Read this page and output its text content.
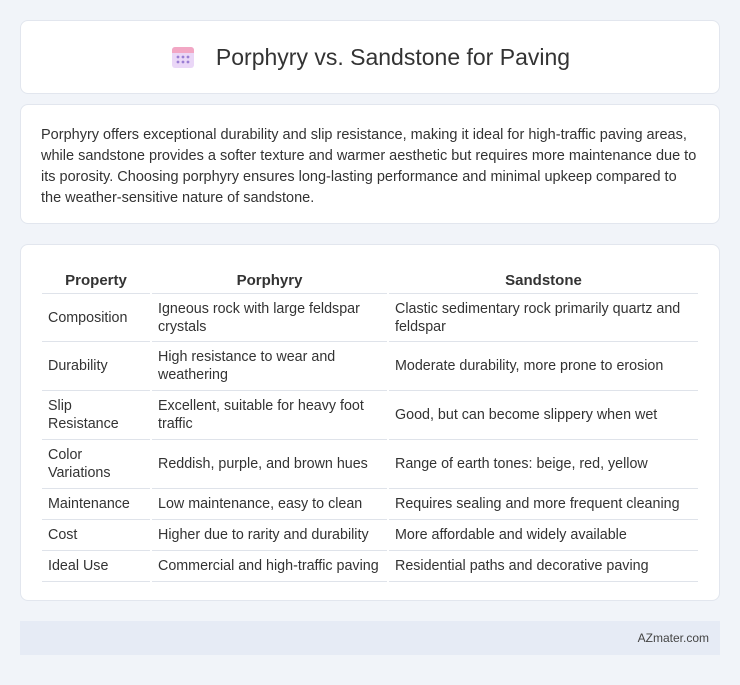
Porphyry vs. Sandstone for Paving

Porphyry offers exceptional durability and slip resistance, making it ideal for high-traffic paving areas, while sandstone provides a softer texture and warmer aesthetic but requires more maintenance due to its porosity. Choosing porphyry ensures long-lasting performance and minimal upkeep compared to the weather-sensitive nature of sandstone.

Property		Porphyry		Sandstone
Composition		Igneous rock with large feldspar crystals		Clastic sedimentary rock primarily quartz and feldspar
Durability		High resistance to wear and weathering		Moderate durability, more prone to erosion
Slip Resistance		Excellent, suitable for heavy foot traffic		Good, but can become slippery when wet
Color Variations		Reddish, purple, and brown hues		Range of earth tones: beige, red, yellow
Maintenance		Low maintenance, easy to clean		Requires sealing and more frequent cleaning
Cost		Higher due to rarity and durability		More affordable and widely available
Ideal Use		Commercial and high-traffic paving		Residential paths and decorative paving
AZmater.com
